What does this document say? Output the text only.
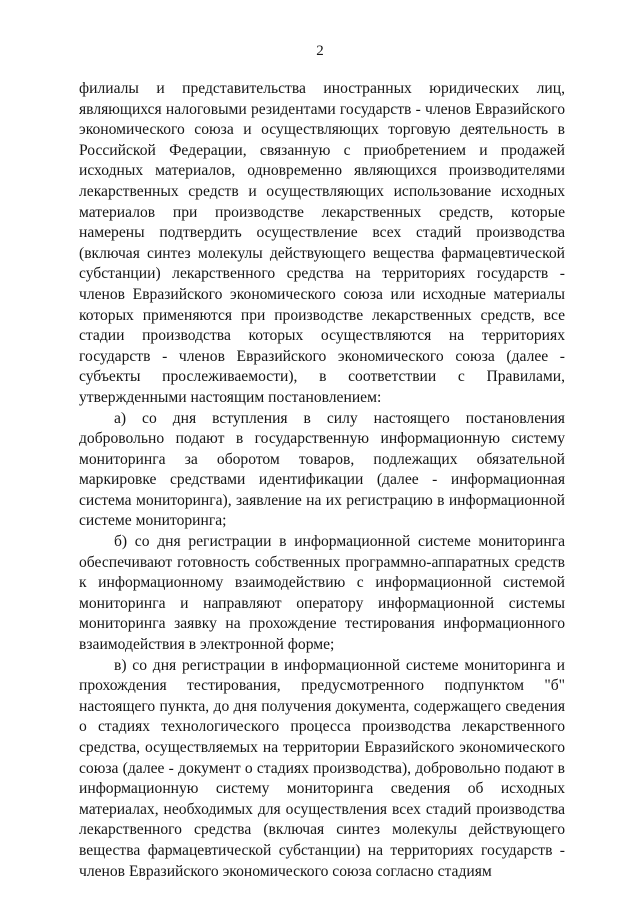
2

филиалы и представительства иностранных юридических лиц, являющихся налоговыми резидентами государств - членов Евразийского экономического союза и осуществляющих торговую деятельность в Российской Федерации, связанную с приобретением и продажей исходных материалов, одновременно являющихся производителями лекарственных средств и осуществляющих использование исходных материалов при производстве лекарственных средств, которые намерены подтвердить осуществление всех стадий производства (включая синтез молекулы действующего вещества фармацевтической субстанции) лекарственного средства на территориях государств - членов Евразийского экономического союза или исходные материалы которых применяются при производстве лекарственных средств, все стадии производства которых осуществляются на территориях государств - членов Евразийского экономического союза (далее - субъекты прослеживаемости), в соответствии с Правилами, утвержденными настоящим постановлением:

а) со дня вступления в силу настоящего постановления добровольно подают в государственную информационную систему мониторинга за оборотом товаров, подлежащих обязательной маркировке средствами идентификации (далее - информационная система мониторинга), заявление на их регистрацию в информационной системе мониторинга;

б) со дня регистрации в информационной системе мониторинга обеспечивают готовность собственных программно-аппаратных средств к информационному взаимодействию с информационной системой мониторинга и направляют оператору информационной системы мониторинга заявку на прохождение тестирования информационного взаимодействия в электронной форме;

в) со дня регистрации в информационной системе мониторинга и прохождения тестирования, предусмотренного подпунктом "б" настоящего пункта, до дня получения документа, содержащего сведения о стадиях технологического процесса производства лекарственного средства, осуществляемых на территории Евразийского экономического союза (далее - документ о стадиях производства), добровольно подают в информационную систему мониторинга сведения об исходных материалах, необходимых для осуществления всех стадий производства лекарственного средства (включая синтез молекулы действующего вещества фармацевтической субстанции) на территориях государств - членов Евразийского экономического союза согласно стадиям
